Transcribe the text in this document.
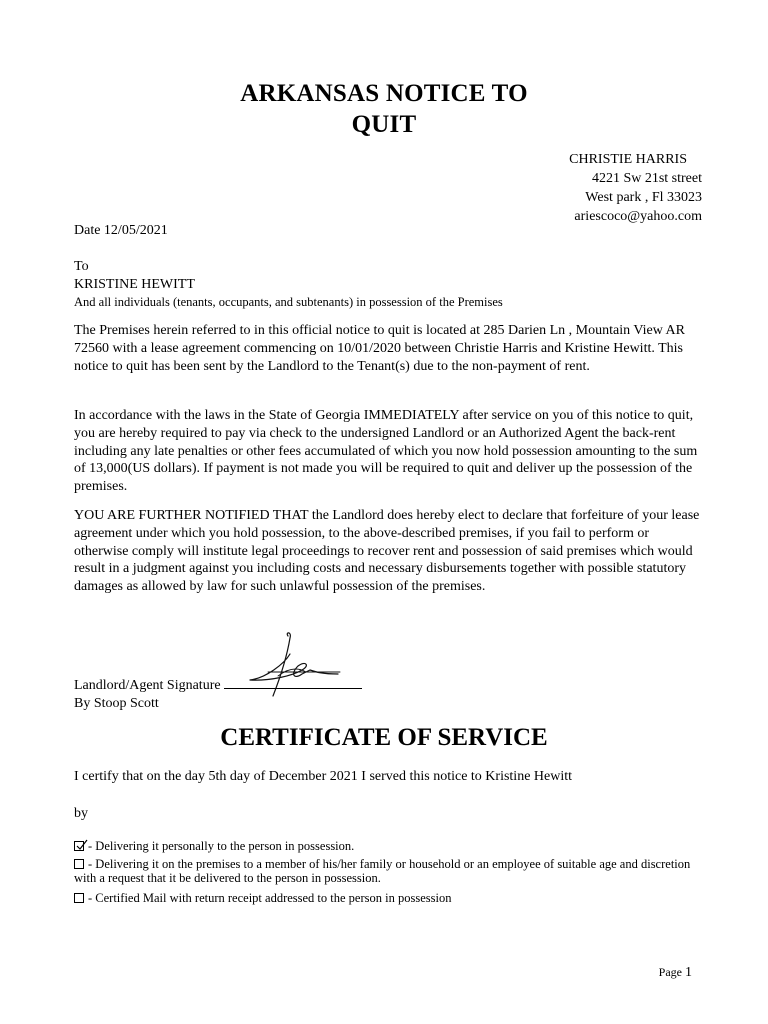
ARKANSAS NOTICE TO
QUIT
CHRISTIE HARRIS
4221 Sw 21st street
West park , Fl 33023
ariescoco@yahoo.com
Date 12/05/2021
To
KRISTINE HEWITT
And all individuals (tenants, occupants, and subtenants) in possession of the Premises
The Premises herein referred to in this official notice to quit is located at 285 Darien Ln , Mountain View AR 72560 with a lease agreement commencing on 10/01/2020 between Christie Harris and Kristine Hewitt. This notice to quit has been sent by the Landlord to the Tenant(s) due to the non-payment of rent.
In accordance with the laws in the State of Georgia IMMEDIATELY after service on you of this notice to quit, you are hereby required to pay via check to the undersigned Landlord or an Authorized Agent the back-rent including any late penalties or other fees accumulated of which you now hold possession amounting to the sum of 13,000(US dollars). If payment is not made you will be required to quit and deliver up the possession of the premises.
YOU ARE FURTHER NOTIFIED THAT the Landlord does hereby elect to declare that forfeiture of your lease agreement under which you hold possession, to the above-described premises, if you fail to perform or otherwise comply will institute legal proceedings to recover rent and possession of said premises which would result in a judgment against you including costs and necessary disbursements together with possible statutory damages as allowed by law for such unlawful possession of the premises.
Landlord/Agent Signature
By Stoop Scott
CERTIFICATE OF SERVICE
I certify that on the day 5th day of December 2021 I served this notice to Kristine Hewitt
by
- Delivering it personally to the person in possession.
- Delivering it on the premises to a member of his/her family or household or an employee of suitable age and discretion with a request that it be delivered to the person in possession.
- Certified Mail with return receipt addressed to the person in possession
Page 1
